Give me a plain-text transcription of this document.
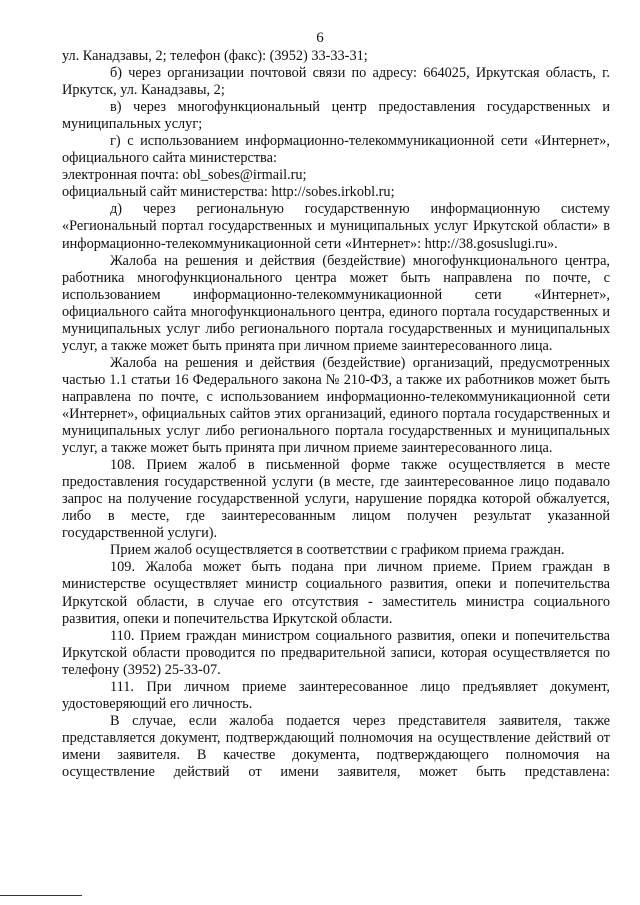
6

ул. Канадзавы, 2; телефон (факс): (3952) 33-33-31;

б) через организации почтовой связи по адресу: 664025, Иркутская область, г. Иркутск, ул. Канадзавы, 2;

в) через многофункциональный центр предоставления государственных и муниципальных услуг;

г) с использованием информационно-телекоммуникационной сети «Интернет», официального сайта министерства:

электронная почта: obl_sobes@irmail.ru;

официальный сайт министерства: http://sobes.irkobl.ru;

д) через региональную государственную информационную систему «Региональный портал государственных и муниципальных услуг Иркутской области» в информационно-телекоммуникационной сети «Интернет»: http://38.gosuslugi.ru».

Жалоба на решения и действия (бездействие) многофункционального центра, работника многофункционального центра может быть направлена по почте, с использованием информационно-телекоммуникационной сети «Интернет», официального сайта многофункционального центра, единого портала государственных и муниципальных услуг либо регионального портала государственных и муниципальных услуг, а также может быть принята при личном приеме заинтересованного лица.

Жалоба на решения и действия (бездействие) организаций, предусмотренных частью 1.1 статьи 16 Федерального закона № 210-ФЗ, а также их работников может быть направлена по почте, с использованием информационно-телекоммуникационной сети «Интернет», официальных сайтов этих организаций, единого портала государственных и муниципальных услуг либо регионального портала государственных и муниципальных услуг, а также может быть принята при личном приеме заинтересованного лица.

108. Прием жалоб в письменной форме также осуществляется в месте предоставления государственной услуги (в месте, где заинтересованное лицо подавало запрос на получение государственной услуги, нарушение порядка которой обжалуется, либо в месте, где заинтересованным лицом получен результат указанной государственной услуги).

Прием жалоб осуществляется в соответствии с графиком приема граждан.

109. Жалоба может быть подана при личном приеме. Прием граждан в министерстве осуществляет министр социального развития, опеки и попечительства Иркутской области, в случае его отсутствия - заместитель министра социального развития, опеки и попечительства Иркутской области.

110. Прием граждан министром социального развития, опеки и попечительства Иркутской области проводится по предварительной записи, которая осуществляется по телефону (3952) 25-33-07.

111. При личном приеме заинтересованное лицо предъявляет документ, удостоверяющий его личность.

В случае, если жалоба подается через представителя заявителя, также представляется документ, подтверждающий полномочия на осуществление действий от имени заявителя. В качестве документа, подтверждающего полномочия на осуществление действий от имени заявителя, может быть представлена:
